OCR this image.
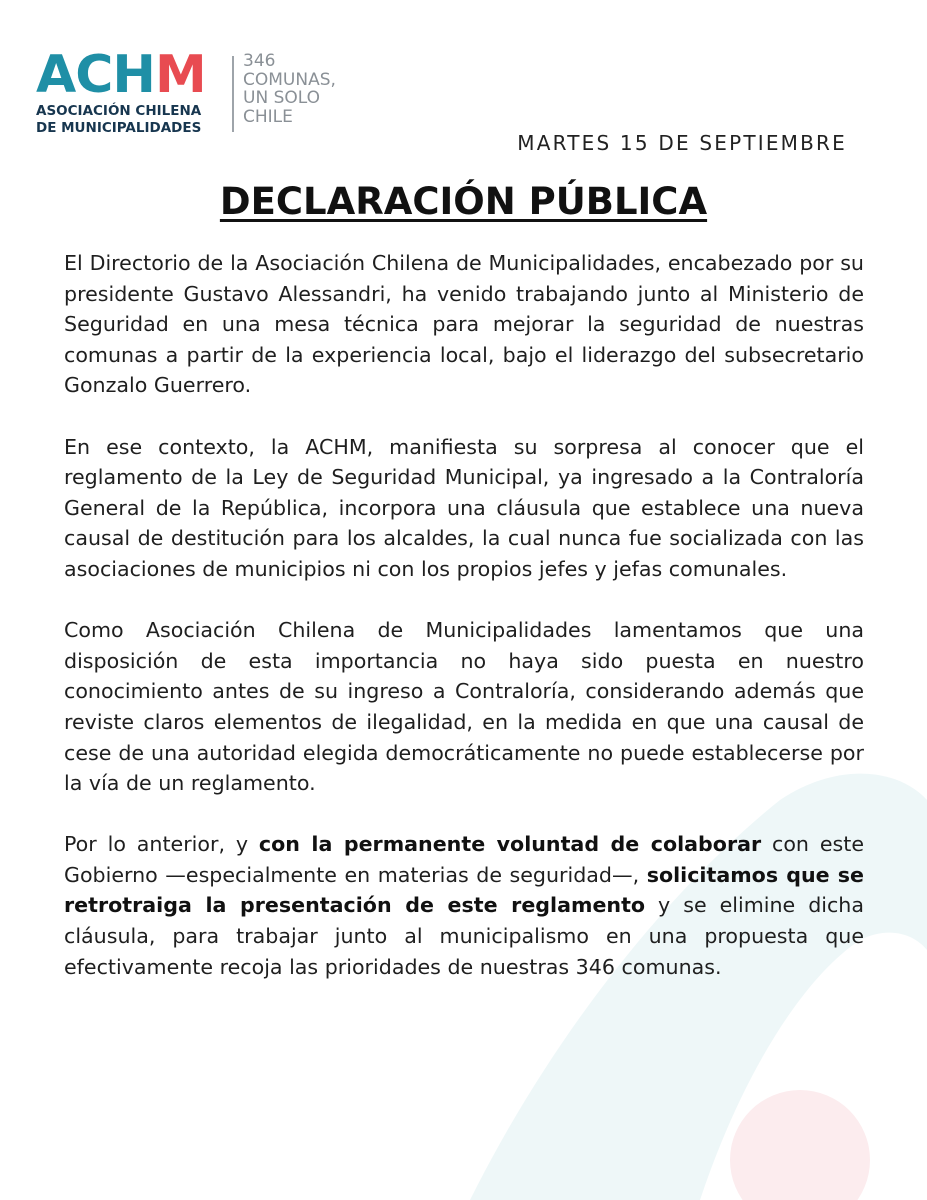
ACHM
ASOCIACIÓN CHILENA
DE MUNICIPALIDADES
346
COMUNAS,
UN SOLO
CHILE
MARTES 15 DE SEPTIEMBRE
DECLARACIÓN PÚBLICA

El Directorio de la Asociación Chilena de Municipalidades, encabezado por su presidente Gustavo Alessandri, ha venido trabajando junto al Ministerio de Seguridad en una mesa técnica para mejorar la seguridad de nuestras comunas a partir de la experiencia local, bajo el liderazgo del subsecretario Gonzalo Guerrero.

En ese contexto, la ACHM, manifiesta su sorpresa al conocer que el reglamento de la Ley de Seguridad Municipal, ya ingresado a la Contraloría General de la República, incorpora una cláusula que establece una nueva causal de destitución para los alcaldes, la cual nunca fue socializada con las asociaciones de municipios ni con los propios jefes y jefas comunales.

Como Asociación Chilena de Municipalidades lamentamos que una disposición de esta importancia no haya sido puesta en nuestro conocimiento antes de su ingreso a Contraloría, considerando además que reviste claros elementos de ilegalidad, en la medida en que una causal de cese de una autoridad elegida democráticamente no puede establecerse por la vía de un reglamento.

Por lo anterior, y con la permanente voluntad de colaborar con este Gobierno —especialmente en materias de seguridad—, solicitamos que se retrotraiga la presentación de este reglamento y se elimine dicha cláusula, para trabajar junto al municipalismo en una propuesta que efectivamente recoja las prioridades de nuestras 346 comunas.
